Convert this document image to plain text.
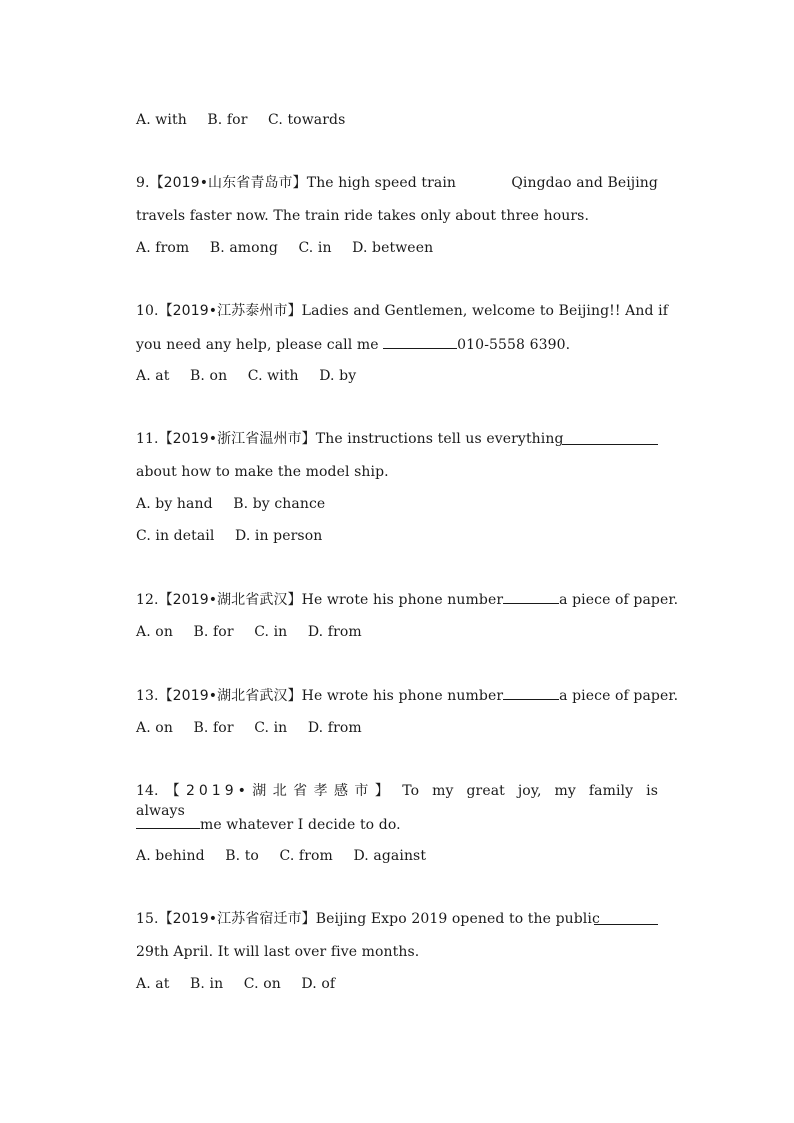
A. with B. for C. towards
9.【2019•山东省青岛市】The high speed train	Qingdao and Beijing
travels faster now. The train ride takes only about three hours.
A. from B. among C. in D. between
10.【2019•江苏泰州市】Ladies and Gentlemen, welcome to Beijing!! And if
you need any help, please call me	010-5558 6390.
A. at B. on C. with D. by
11.【2019•浙江省温州市】The instructions tell us everything
about how to make the model ship.
A. by hand B. by chance
C. in detail D. in person
12.【2019•湖北省武汉】He wrote his phone number	a piece of paper.
A. on B. for C. in D. from
13.【2019•湖北省武汉】He wrote his phone number	a piece of paper.
A. on B. for C. in D. from
14. 【2019•湖北省孝感市】 To my great joy, my family is always
me whatever I decide to do.
A. behind B. to C. from D. against
15.【2019•江苏省宿迁市】Beijing Expo 2019 opened to the public
29th April. It will last over five months.
A. at B. in C. on D. of
